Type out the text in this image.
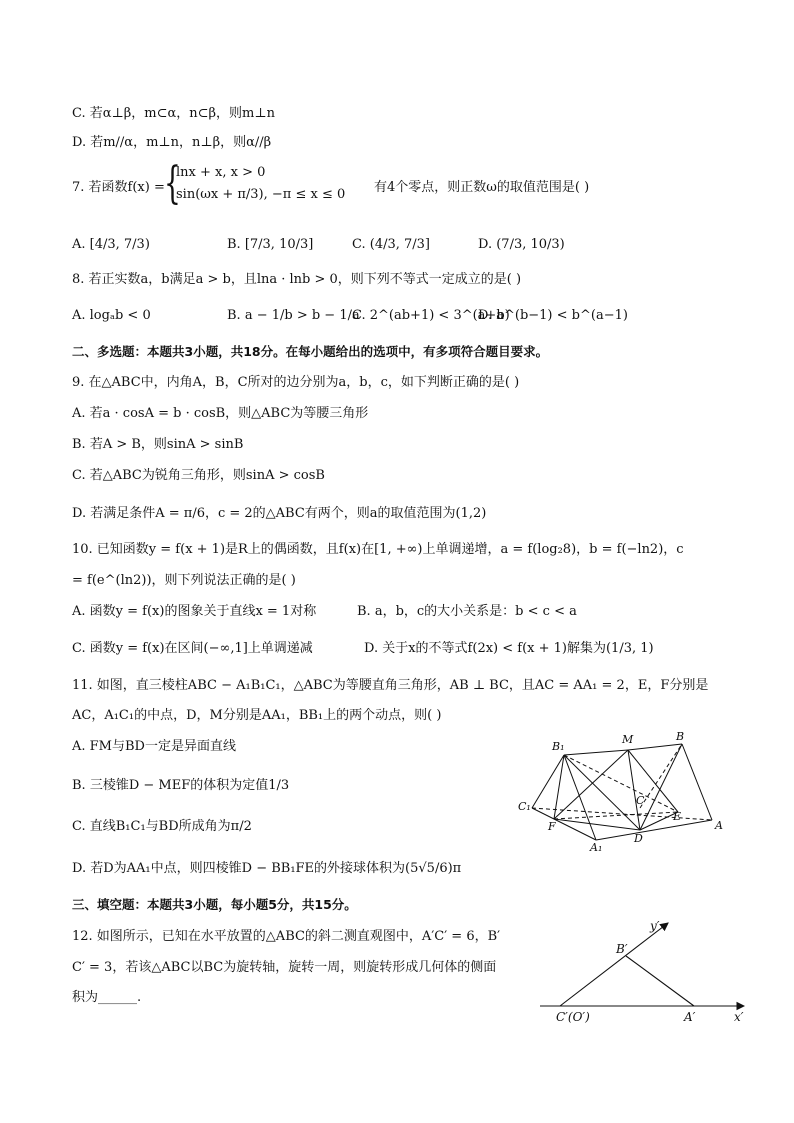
C. 若α⊥β，m⊂α，n⊂β，则m⊥n
D. 若m//α，m⊥n，n⊥β，则α//β
7. 若函数f(x) = {
lnx + x, x > 0
sin(ωx + π/3), −π ≤ x ≤ 0 有4个零点，则正数ω的取值范围是( )
A. [4/3, 7/3)	B. [7/3, 10/3]	C. (4/3, 7/3]	D. (7/3, 10/3)
8. 若正实数a，b满足a > b，且lna · lnb > 0，则下列不等式一定成立的是( )
A. logₐb < 0	B. a − 1/b > b − 1/a
C. 2^(ab+1) < 3^(a+b)
D. a^(b−1) < b^(a−1)
二、多选题：本题共3小题，共18分。在每小题给出的选项中，有多项符合题目要求。
9. 在△ABC中，内角A，B，C所对的边分别为a，b，c，如下判断正确的是( )
A. 若a · cosA = b · cosB，则△ABC为等腰三角形
B. 若A > B，则sinA > sinB
C. 若△ABC为锐角三角形，则sinA > cosB
D. 若满足条件A = π/6，c = 2的△ABC有两个，则a的取值范围为(1,2)
10. 已知函数y = f(x + 1)是R上的偶函数，且f(x)在[1, +∞)上单调递增，a = f(log₂8)，b = f(−ln2)，c
= f(e^(ln2))，则下列说法正确的是( )
A. 函数y = f(x)的图象关于直线x = 1对称	B. a，b，c的大小关系是：b < c < a
C. 函数y = f(x)在区间(−∞,1]上单调递减	D. 关于x的不等式f(2x) < f(x + 1)解集为(1/3, 1)
11. 如图，直三棱柱ABC − A₁B₁C₁，△ABC为等腰直角三角形，AB ⊥ BC，且AC = AA₁ = 2，E，F分别是
AC，A₁C₁的中点，D，M分别是AA₁，BB₁上的两个动点，则( )
A. FM与BD一定是异面直线
B. 三棱锥D − MEF的体积为定值1/3
C. 直线B₁C₁与BD所成角为π/2
D. 若D为AA₁中点，则四棱锥D − BB₁FE的外接球体积为(5√5/6)π
B₁
M	B
C₁	C
F
E
A₁
D
A
三、填空题：本题共3小题，每小题5分，共15分。
12. 如图所示，已知在水平放置的△ABC的斜二测直观图中，A′C′ = 6，B′
C′ = 3，若该△ABC以BC为旋转轴，旋转一周，则旋转形成几何体的侧面
积为______.
y′
B′
C′(O′)	A′	x′
